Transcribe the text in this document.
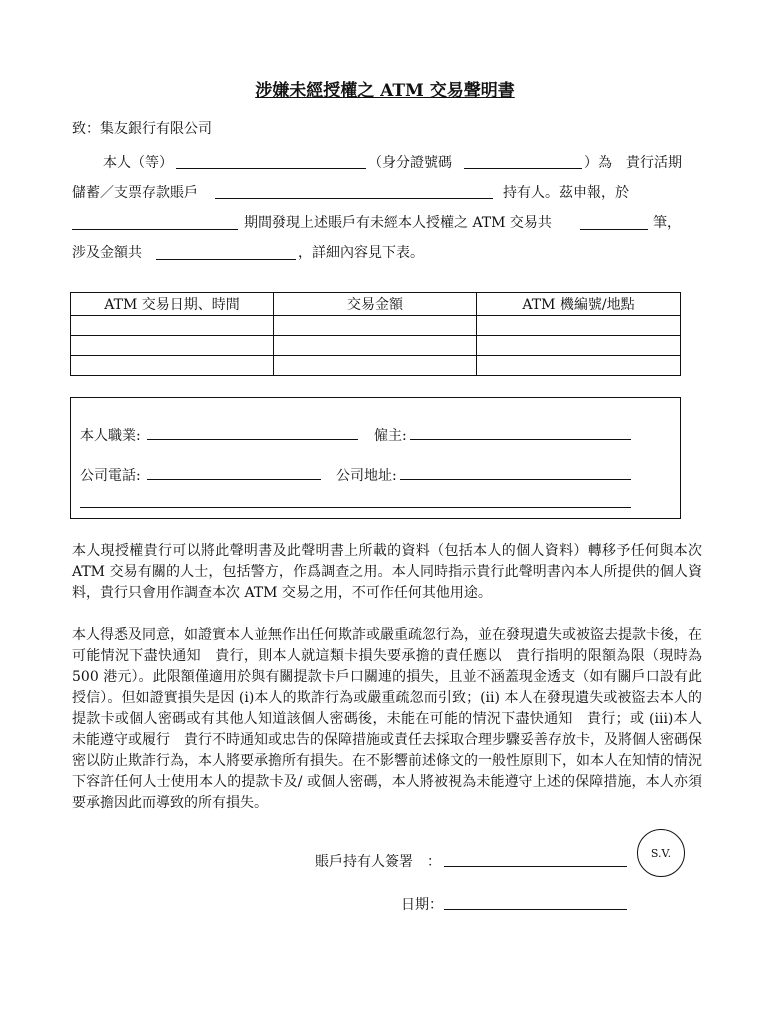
涉嫌未經授權之 ATM 交易聲明書
致：集友銀行有限公司
本人（等）	（身分證號碼	）為　貴行活期
儲蓄／支票存款賬戶	持有人。茲申報，於
期間發現上述賬戶有未經本人授權之 ATM 交易共	筆，
涉及金額共	，詳細內容見下表。
ATM 交易日期、時間	交易金額	ATM 機編號/地點

本人職業:	僱主:
公司電話:	公司地址:
本人現授權貴行可以將此聲明書及此聲明書上所載的資料（包括本人的個人資料）轉移予任何與本次 ATM 交易有關的人士，包括警方，作爲調查之用。本人同時指示貴行此聲明書內本人所提供的個人資料，貴行只會用作調查本次 ATM 交易之用，不可作任何其他用途。
本人得悉及同意，如證實本人並無作出任何欺詐或嚴重疏忽行為，並在發現遺失或被盜去提款卡後，在可能情況下盡快通知　貴行，則本人就這類卡損失要承擔的責任應以　貴行指明的限額為限（現時為 500 港元）。此限額僅適用於與有關提款卡戶口關連的損失，且並不涵蓋現金透支（如有關戶口設有此授信）。但如證實損失是因 (i)本人的欺詐行為或嚴重疏忽而引致；(ii) 本人在發現遺失或被盜去本人的提款卡或個人密碼或有其他人知道該個人密碼後，未能在可能的情況下盡快通知　貴行；或 (iii)本人未能遵守或履行　貴行不時通知或忠告的保障措施或責任去採取合理步驟妥善存放卡，及將個人密碼保密以防止欺詐行為，本人將要承擔所有損失。在不影響前述條文的一般性原則下，如本人在知情的情況下容許任何人士使用本人的提款卡及/ 或個人密碼，本人將被視為未能遵守上述的保障措施，本人亦須要承擔因此而導致的所有損失。
賬戶持有人簽署　：
S.V.
日期：
